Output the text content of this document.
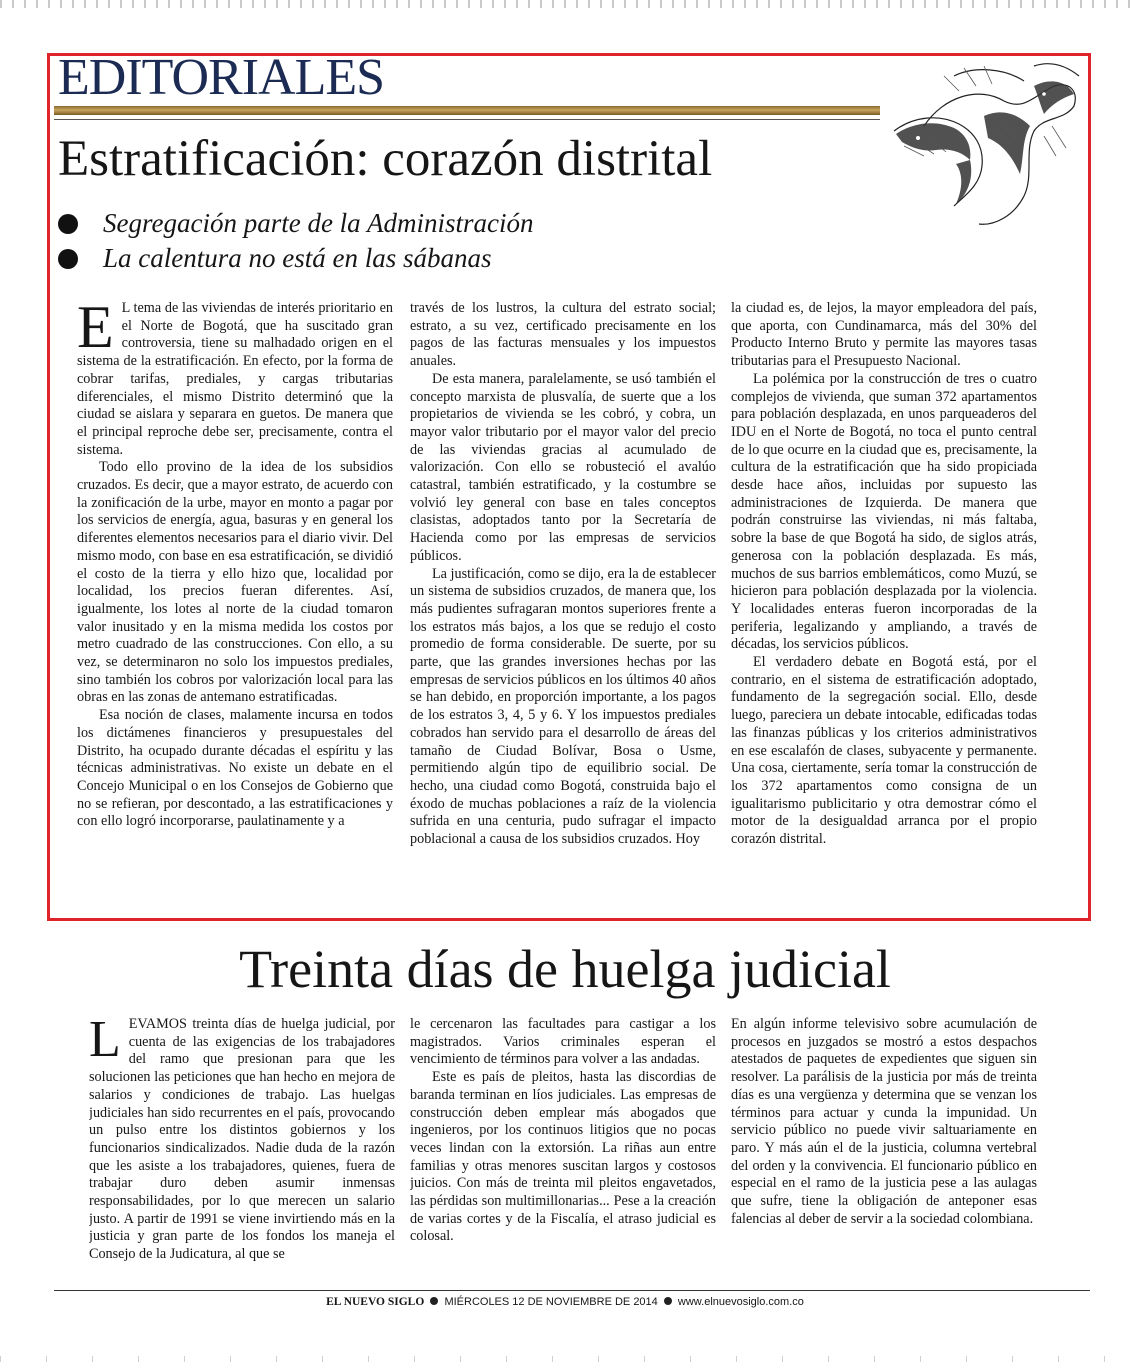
EDITORIALES
Estratificación: corazón distrital
Segregación parte de la Administración
La calentura no está en las sábanas

E L tema de las viviendas de interés prioritario en el Norte de Bogotá, que ha suscitado gran controversia, tiene su malhadado origen en el sistema de la estratificación. En efecto, por la forma de cobrar tarifas, prediales, y cargas tributarias diferenciales, el mismo Distrito determinó que la ciudad se aislara y separara en guetos. De manera que el principal reproche debe ser, precisamente, contra el sistema.

Todo ello provino de la idea de los subsidios cruzados. Es decir, que a mayor estrato, de acuerdo con la zonificación de la urbe, mayor en monto a pagar por los servicios de energía, agua, basuras y en general los diferentes elementos necesarios para el diario vivir. Del mismo modo, con base en esa estratificación, se dividió el costo de la tierra y ello hizo que, localidad por localidad, los precios fueran diferentes. Así, igualmente, los lotes al norte de la ciudad tomaron valor inusitado y en la misma medida los costos por metro cuadrado de las construcciones. Con ello, a su vez, se determinaron no solo los impuestos prediales, sino también los cobros por valorización local para las obras en las zonas de antemano estratificadas.

Esa noción de clases, malamente incursa en todos los dictámenes financieros y presupuestales del Distrito, ha ocupado durante décadas el espíritu y las técnicas administrativas. No existe un debate en el Concejo Municipal o en los Consejos de Gobierno que no se refieran, por descontado, a las estratificaciones y con ello logró incorporarse, paulatinamente y a

través de los lustros, la cultura del estrato social; estrato, a su vez, certificado precisamente en los pagos de las facturas mensuales y los impuestos anuales.

De esta manera, paralelamente, se usó también el concepto marxista de plusvalía, de suerte que a los propietarios de vivienda se les cobró, y cobra, un mayor valor tributario por el mayor valor del precio de las viviendas gracias al acumulado de valorización. Con ello se robusteció el avalúo catastral, también estratificado, y la costumbre se volvió ley general con base en tales conceptos clasistas, adoptados tanto por la Secretaría de Hacienda como por las empresas de servicios públicos.

La justificación, como se dijo, era la de establecer un sistema de subsidios cruzados, de manera que, los más pudientes sufragaran montos superiores frente a los estratos más bajos, a los que se redujo el costo promedio de forma considerable. De suerte, por su parte, que las grandes inversiones hechas por las empresas de servicios públicos en los últimos 40 años se han debido, en proporción importante, a los pagos de los estratos 3, 4, 5 y 6. Y los impuestos prediales cobrados han servido para el desarrollo de áreas del tamaño de Ciudad Bolívar, Bosa o Usme, permitiendo algún tipo de equilibrio social. De hecho, una ciudad como Bogotá, construida bajo el éxodo de muchas poblaciones a raíz de la violencia sufrida en una centuria, pudo sufragar el impacto poblacional a causa de los subsidios cruzados. Hoy

la ciudad es, de lejos, la mayor empleadora del país, que aporta, con Cundinamarca, más del 30% del Producto Interno Bruto y permite las mayores tasas tributarias para el Presupuesto Nacional.

La polémica por la construcción de tres o cuatro complejos de vivienda, que suman 372 apartamentos para población desplazada, en unos parqueaderos del IDU en el Norte de Bogotá, no toca el punto central de lo que ocurre en la ciudad que es, precisamente, la cultura de la estratificación que ha sido propiciada desde hace años, incluidas por supuesto las administraciones de Izquierda. De manera que podrán construirse las viviendas, ni más faltaba, sobre la base de que Bogotá ha sido, de siglos atrás, generosa con la población desplazada. Es más, muchos de sus barrios emblemáticos, como Muzú, se hicieron para población desplazada por la violencia. Y localidades enteras fueron incorporadas de la periferia, legalizando y ampliando, a través de décadas, los servicios públicos.

El verdadero debate en Bogotá está, por el contrario, en el sistema de estratificación adoptado, fundamento de la segregación social. Ello, desde luego, pareciera un debate intocable, edificadas todas las finanzas públicas y los criterios administrativos en ese escalafón de clases, subyacente y permanente. Una cosa, ciertamente, sería tomar la construcción de los 372 apartamentos como consigna de un igualitarismo publicitario y otra demostrar cómo el motor de la desigualdad arranca por el propio corazón distrital.

Treinta días de huelga judicial

LEVAMOS treinta días de huelga judicial, por cuenta de las exigencias de los trabajadores del ramo que presionan para que les solucionen las peticiones que han hecho en mejora de salarios y condiciones de trabajo. Las huelgas judiciales han sido recurrentes en el país, provocando un pulso entre los distintos gobiernos y los funcionarios sindicalizados. Nadie duda de la razón que les asiste a los trabajadores, quienes, fuera de trabajar duro deben asumir inmensas responsabilidades, por lo que merecen un salario justo. A partir de 1991 se viene invirtiendo más en la justicia y gran parte de los fondos los maneja el Consejo de la Judicatura, al que se

le cercenaron las facultades para castigar a los magistrados. Varios criminales esperan el vencimiento de términos para volver a las andadas.

Este es país de pleitos, hasta las discordias de baranda terminan en líos judiciales. Las empresas de construcción deben emplear más abogados que ingenieros, por los continuos litigios que no pocas veces lindan con la extorsión. La riñas aun entre familias y otras menores suscitan largos y costosos juicios. Con más de treinta mil pleitos engavetados, las pérdidas son multimillonarias... Pese a la creación de varias cortes y de la Fiscalía, el atraso judicial es colosal.

En algún informe televisivo sobre acumulación de procesos en juzgados se mostró a estos despachos atestados de paquetes de expedientes que siguen sin resolver. La parálisis de la justicia por más de treinta días es una vergüenza y determina que se venzan los términos para actuar y cunda la impunidad. Un servicio público no puede vivir saltuariamente en paro. Y más aún el de la justicia, columna vertebral del orden y la convivencia. El funcionario público en especial en el ramo de la justicia pese a las aulagas que sufre, tiene la obligación de anteponer esas falencias al deber de servir a la sociedad colombiana.

EL NUEVO SIGLO MIÉRCOLES 12 DE NOVIEMBRE DE 2014 www.elnuevosiglo.com.co
